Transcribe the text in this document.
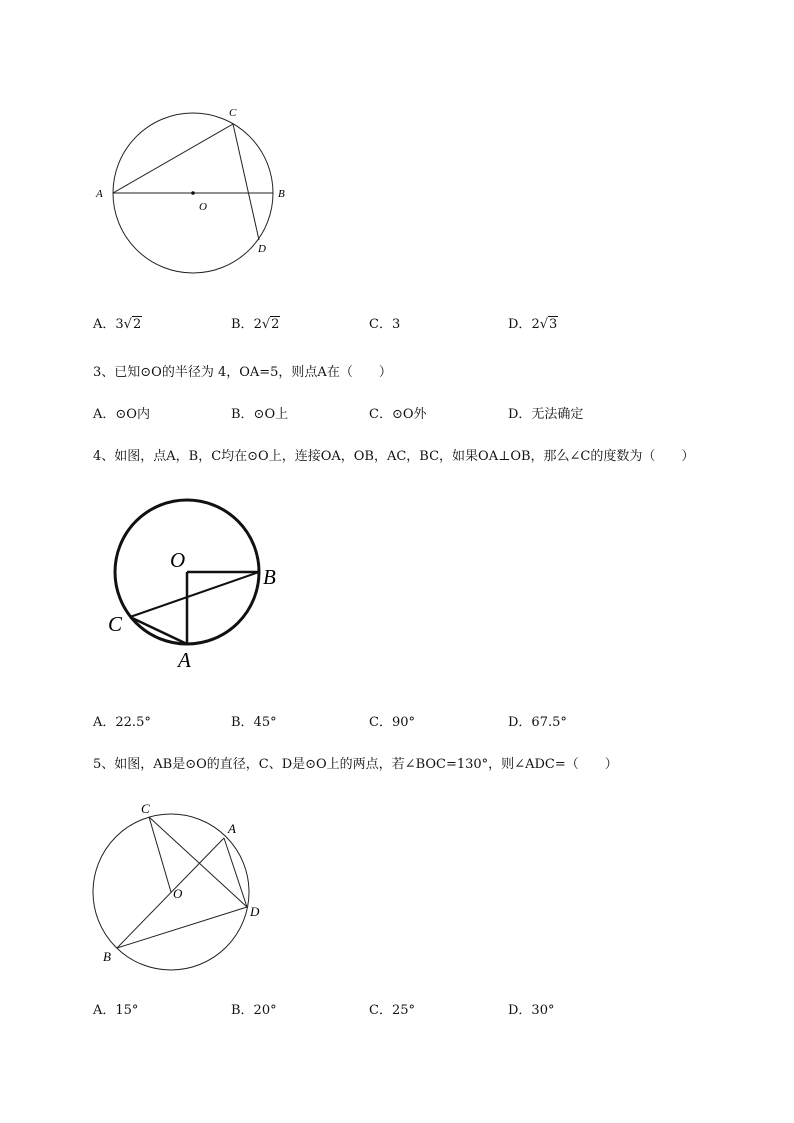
A	B
C
D
O
A．3√2	B．2√2	C．3	D．2√3
3、已知⊙O的半径为 4，OA=5，则点A在（　　）
A．⊙O内	B．⊙O上	C．⊙O外	D．无法确定
4、如图，点A，B，C均在⊙O上，连接OA，OB，AC，BC，如果OA⊥OB，那么∠C的度数为（　　）
O
B
C
A
A．22.5°	B．45°	C．90°	D．67.5°
5、如图，AB是⊙O的直径，C、D是⊙O上的两点，若∠BOC=130°，则∠ADC=（　　）
C
A
O
D
B
A．15°	B．20°	C．25°	D．30°
